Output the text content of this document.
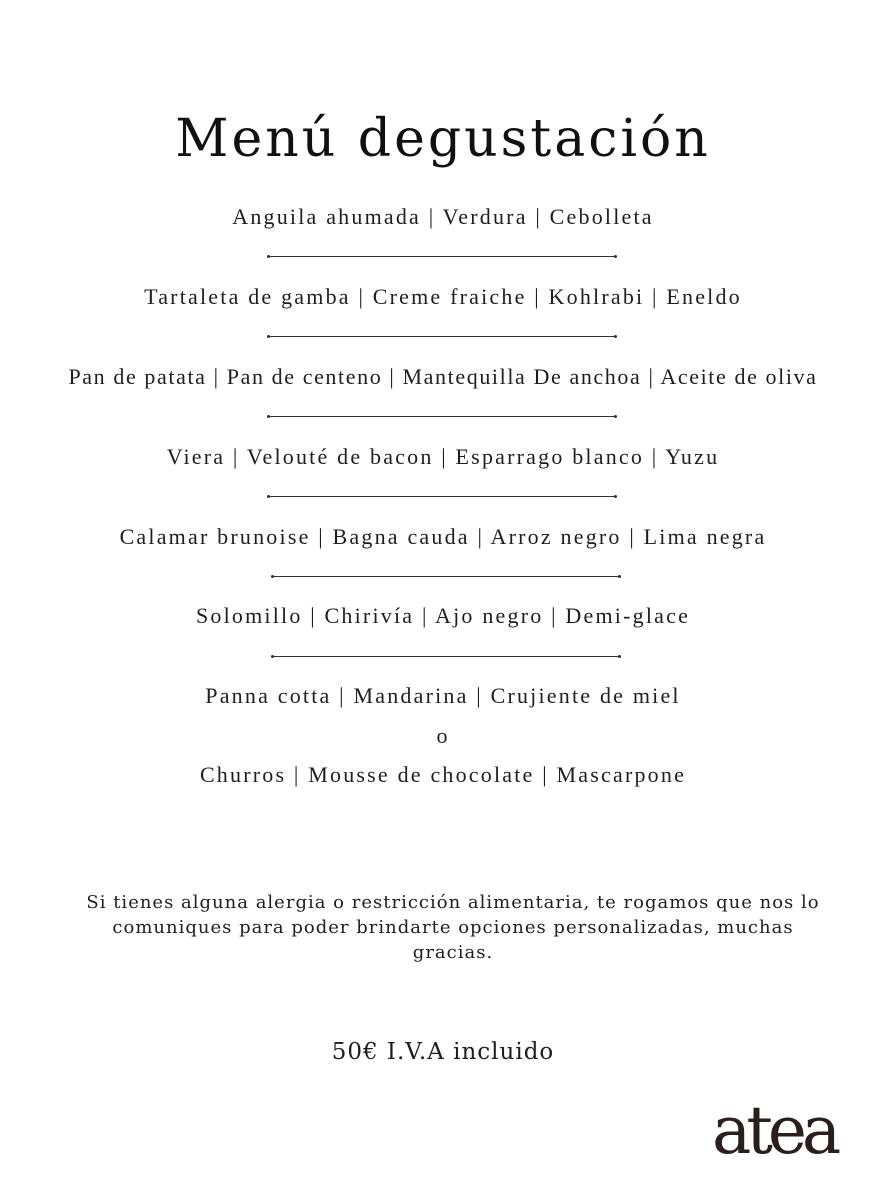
Menú degustación
Anguila ahumada | Verdura | Cebolleta
Tartaleta de gamba | Creme fraiche | Kohlrabi | Eneldo
Pan de patata | Pan de centeno | Mantequilla De anchoa | Aceite de oliva
Viera | Velouté de bacon | Esparrago blanco | Yuzu
Calamar brunoise | Bagna cauda | Arroz negro | Lima negra
Solomillo | Chirivía | Ajo negro | Demi-glace
Panna cotta | Mandarina | Crujiente de miel
o
Churros | Mousse de chocolate | Mascarpone
Si tienes alguna alergia o restricción alimentaria, te rogamos que nos lo comuniques para poder brindarte opciones personalizadas, muchas gracias.
50€ I.V.A incluido
atea
